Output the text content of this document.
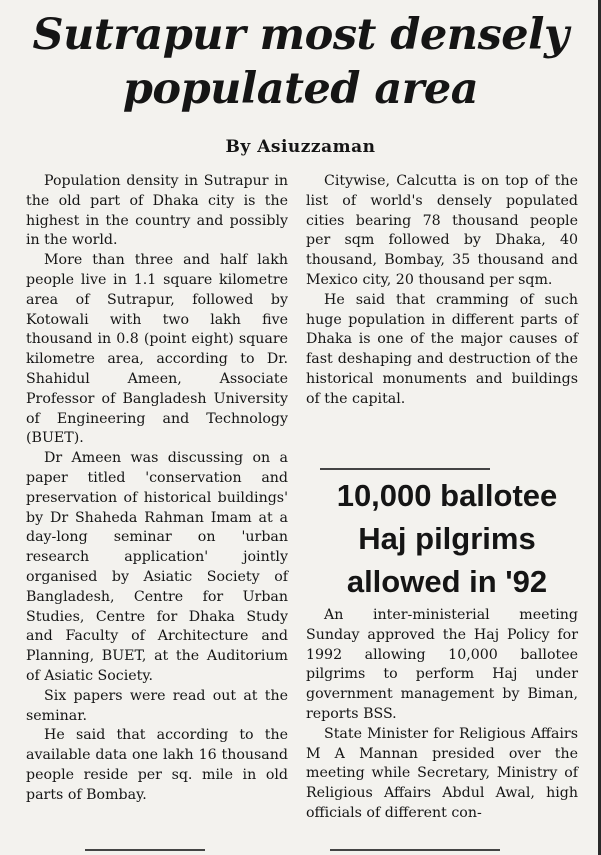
Sutrapur most densely
populated area
By Asiuzzaman

Population density in Sutrapur in the old part of Dhaka city is the highest in the country and possibly in the world.

More than three and half lakh people live in 1.1 square kilometre area of Sutrapur, followed by Kotowali with two lakh five thousand in 0.8 (point eight) square kilometre area, according to Dr. Shahidul Ameen, Associate Professor of Bangladesh University of Engineering and Technology (BUET).

Dr Ameen was discussing on a paper titled 'conservation and preservation of historical buildings' by Dr Shaheda Rahman Imam at a day-long seminar on 'urban research application' jointly organised by Asiatic Society of Bangladesh, Centre for Urban Studies, Centre for Dhaka Study and Faculty of Architecture and Planning, BUET, at the Auditorium of Asiatic Society.

Six papers were read out at the seminar.

He said that according to the available data one lakh 16 thousand people reside per sq. mile in old parts of Bombay.

Citywise, Calcutta is on top of the list of world's densely populated cities bearing 78 thousand people per sqm followed by Dhaka, 40 thousand, Bombay, 35 thousand and Mexico city, 20 thousand per sqm.

He said that cramming of such huge population in different parts of Dhaka is one of the major causes of fast deshaping and destruction of the historical monuments and buildings of the capital.

10,000 ballotee
Haj pilgrims
allowed in '92

An inter-ministerial meeting Sunday approved the Haj Policy for 1992 allowing 10,000 ballotee pilgrims to perform Haj under government management by Biman, reports BSS.

State Minister for Religious Affairs M A Mannan presided over the meeting while Secretary, Ministry of Religious Affairs Abdul Awal, high officials of different con-
